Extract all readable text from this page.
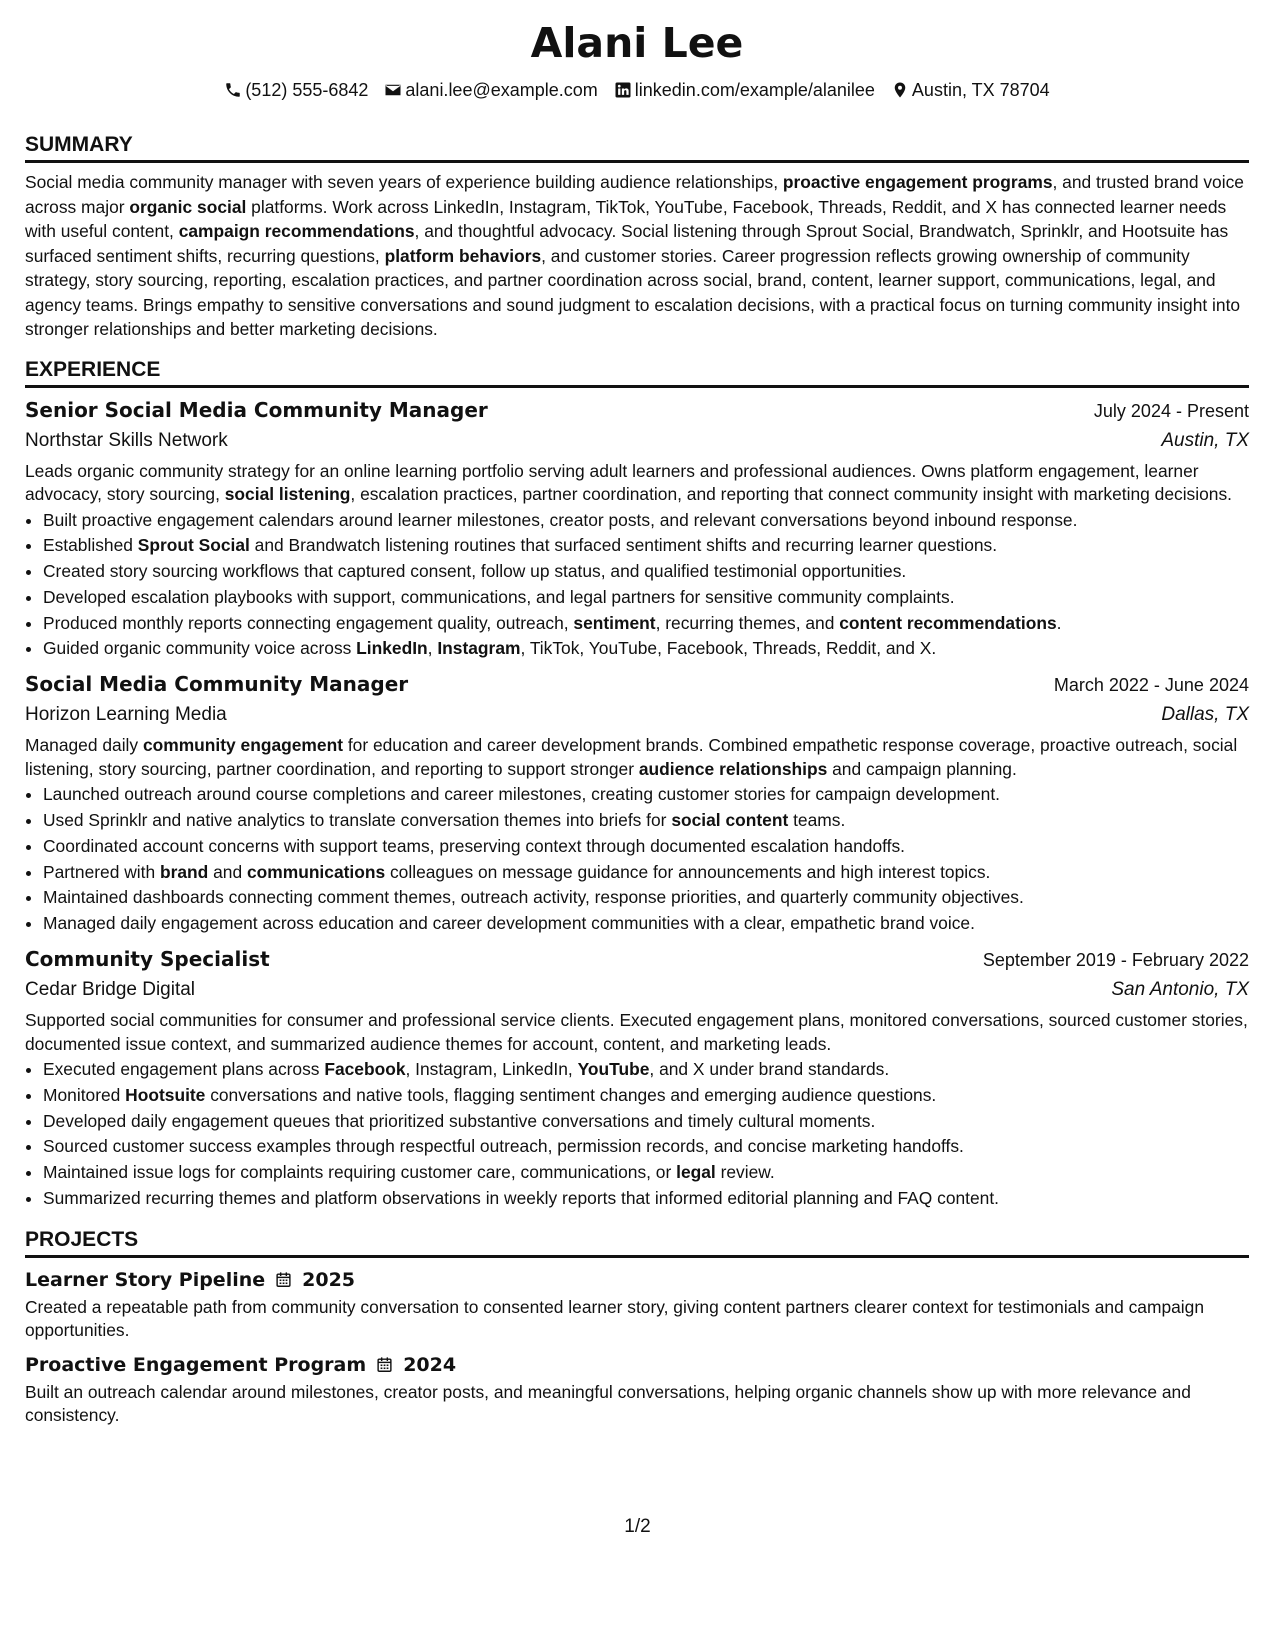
Alani Lee
(512) 555-6842 alani.lee@example.com linkedin.com/example/alanilee Austin, TX 78704
SUMMARY

Social media community manager with seven years of experience building audience relationships, proactive engagement programs, and trusted brand voice across major organic social platforms. Work across LinkedIn, Instagram, TikTok, YouTube, Facebook, Threads, Reddit, and X has connected learner needs with useful content, campaign recommendations, and thoughtful advocacy. Social listening through Sprout Social, Brandwatch, Sprinklr, and Hootsuite has surfaced sentiment shifts, recurring questions, platform behaviors, and customer stories. Career progression reflects growing ownership of community strategy, story sourcing, reporting, escalation practices, and partner coordination across social, brand, content, learner support, communications, legal, and agency teams. Brings empathy to sensitive conversations and sound judgment to escalation decisions, with a practical focus on turning community insight into stronger relationships and better marketing decisions.

EXPERIENCE
Senior Social Media Community Manager	July 2024 - Present
Northstar Skills Network	Austin, TX

Leads organic community strategy for an online learning portfolio serving adult learners and professional audiences. Owns platform engagement, learner advocacy, story sourcing, social listening, escalation practices, partner coordination, and reporting that connect community insight with marketing decisions.

• Built proactive engagement calendars around learner milestones, creator posts, and relevant conversations beyond inbound response.
• Established Sprout Social and Brandwatch listening routines that surfaced sentiment shifts and recurring learner questions.
• Created story sourcing workflows that captured consent, follow up status, and qualified testimonial opportunities.
• Developed escalation playbooks with support, communications, and legal partners for sensitive community complaints.
• Produced monthly reports connecting engagement quality, outreach, sentiment, recurring themes, and content recommendations.
• Guided organic community voice across LinkedIn, Instagram, TikTok, YouTube, Facebook, Threads, Reddit, and X.
Social Media Community Manager	March 2022 - June 2024
Horizon Learning Media	Dallas, TX

Managed daily community engagement for education and career development brands. Combined empathetic response coverage, proactive outreach, social listening, story sourcing, partner coordination, and reporting to support stronger audience relationships and campaign planning.

• Launched outreach around course completions and career milestones, creating customer stories for campaign development.
• Used Sprinklr and native analytics to translate conversation themes into briefs for social content teams.
• Coordinated account concerns with support teams, preserving context through documented escalation handoffs.
• Partnered with brand and communications colleagues on message guidance for announcements and high interest topics.
• Maintained dashboards connecting comment themes, outreach activity, response priorities, and quarterly community objectives.
• Managed daily engagement across education and career development communities with a clear, empathetic brand voice.
Community Specialist	September 2019 - February 2022
Cedar Bridge Digital	San Antonio, TX

Supported social communities for consumer and professional service clients. Executed engagement plans, monitored conversations, sourced customer stories, documented issue context, and summarized audience themes for account, content, and marketing leads.

• Executed engagement plans across Facebook, Instagram, LinkedIn, YouTube, and X under brand standards.
• Monitored Hootsuite conversations and native tools, flagging sentiment changes and emerging audience questions.
• Developed daily engagement queues that prioritized substantive conversations and timely cultural moments.
• Sourced customer success examples through respectful outreach, permission records, and concise marketing handoffs.
• Maintained issue logs for complaints requiring customer care, communications, or legal review.
• Summarized recurring themes and platform observations in weekly reports that informed editorial planning and FAQ content.
PROJECTS
Learner Story Pipeline 2025

Created a repeatable path from community conversation to consented learner story, giving content partners clearer context for testimonials and campaign opportunities.

Proactive Engagement Program 2024

Built an outreach calendar around milestones, creator posts, and meaningful conversations, helping organic channels show up with more relevance and consistency.

1/2
